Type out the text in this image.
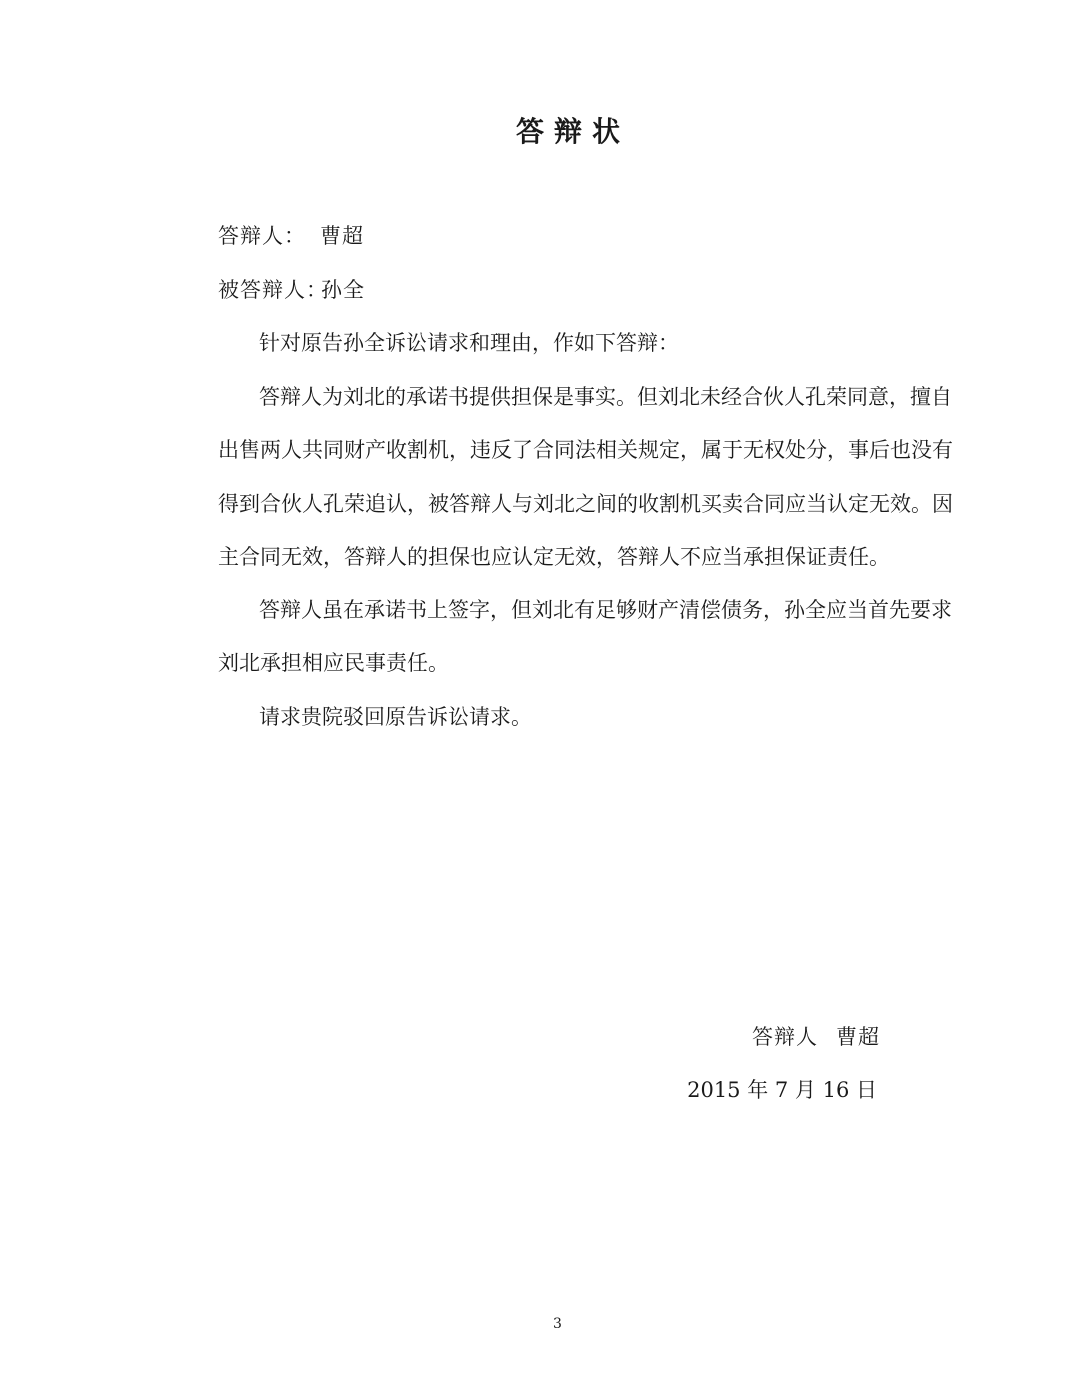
答辩状
答辩人： 曹超
被答辩人：
孙全
针对原告孙全诉讼请求和理由，作如下答辩：
答辩人为刘北的承诺书提供担保是事实。但刘北未经合伙人孔荣同意，擅自
出售两人共同财产收割机，违反了合同法相关规定，属于无权处分，事后也没有
得到合伙人孔荣追认，被答辩人与刘北之间的收割机买卖合同应当认定无效。因
主合同无效，答辩人的担保也应认定无效，答辩人不应当承担保证责任。
答辩人虽在承诺书上签字，但刘北有足够财产清偿债务，孙全应当首先要求
刘北承担相应民事责任。
请求贵院驳回原告诉讼请求。
答辩人 曹超
2015 年 7 月 16 日
3
